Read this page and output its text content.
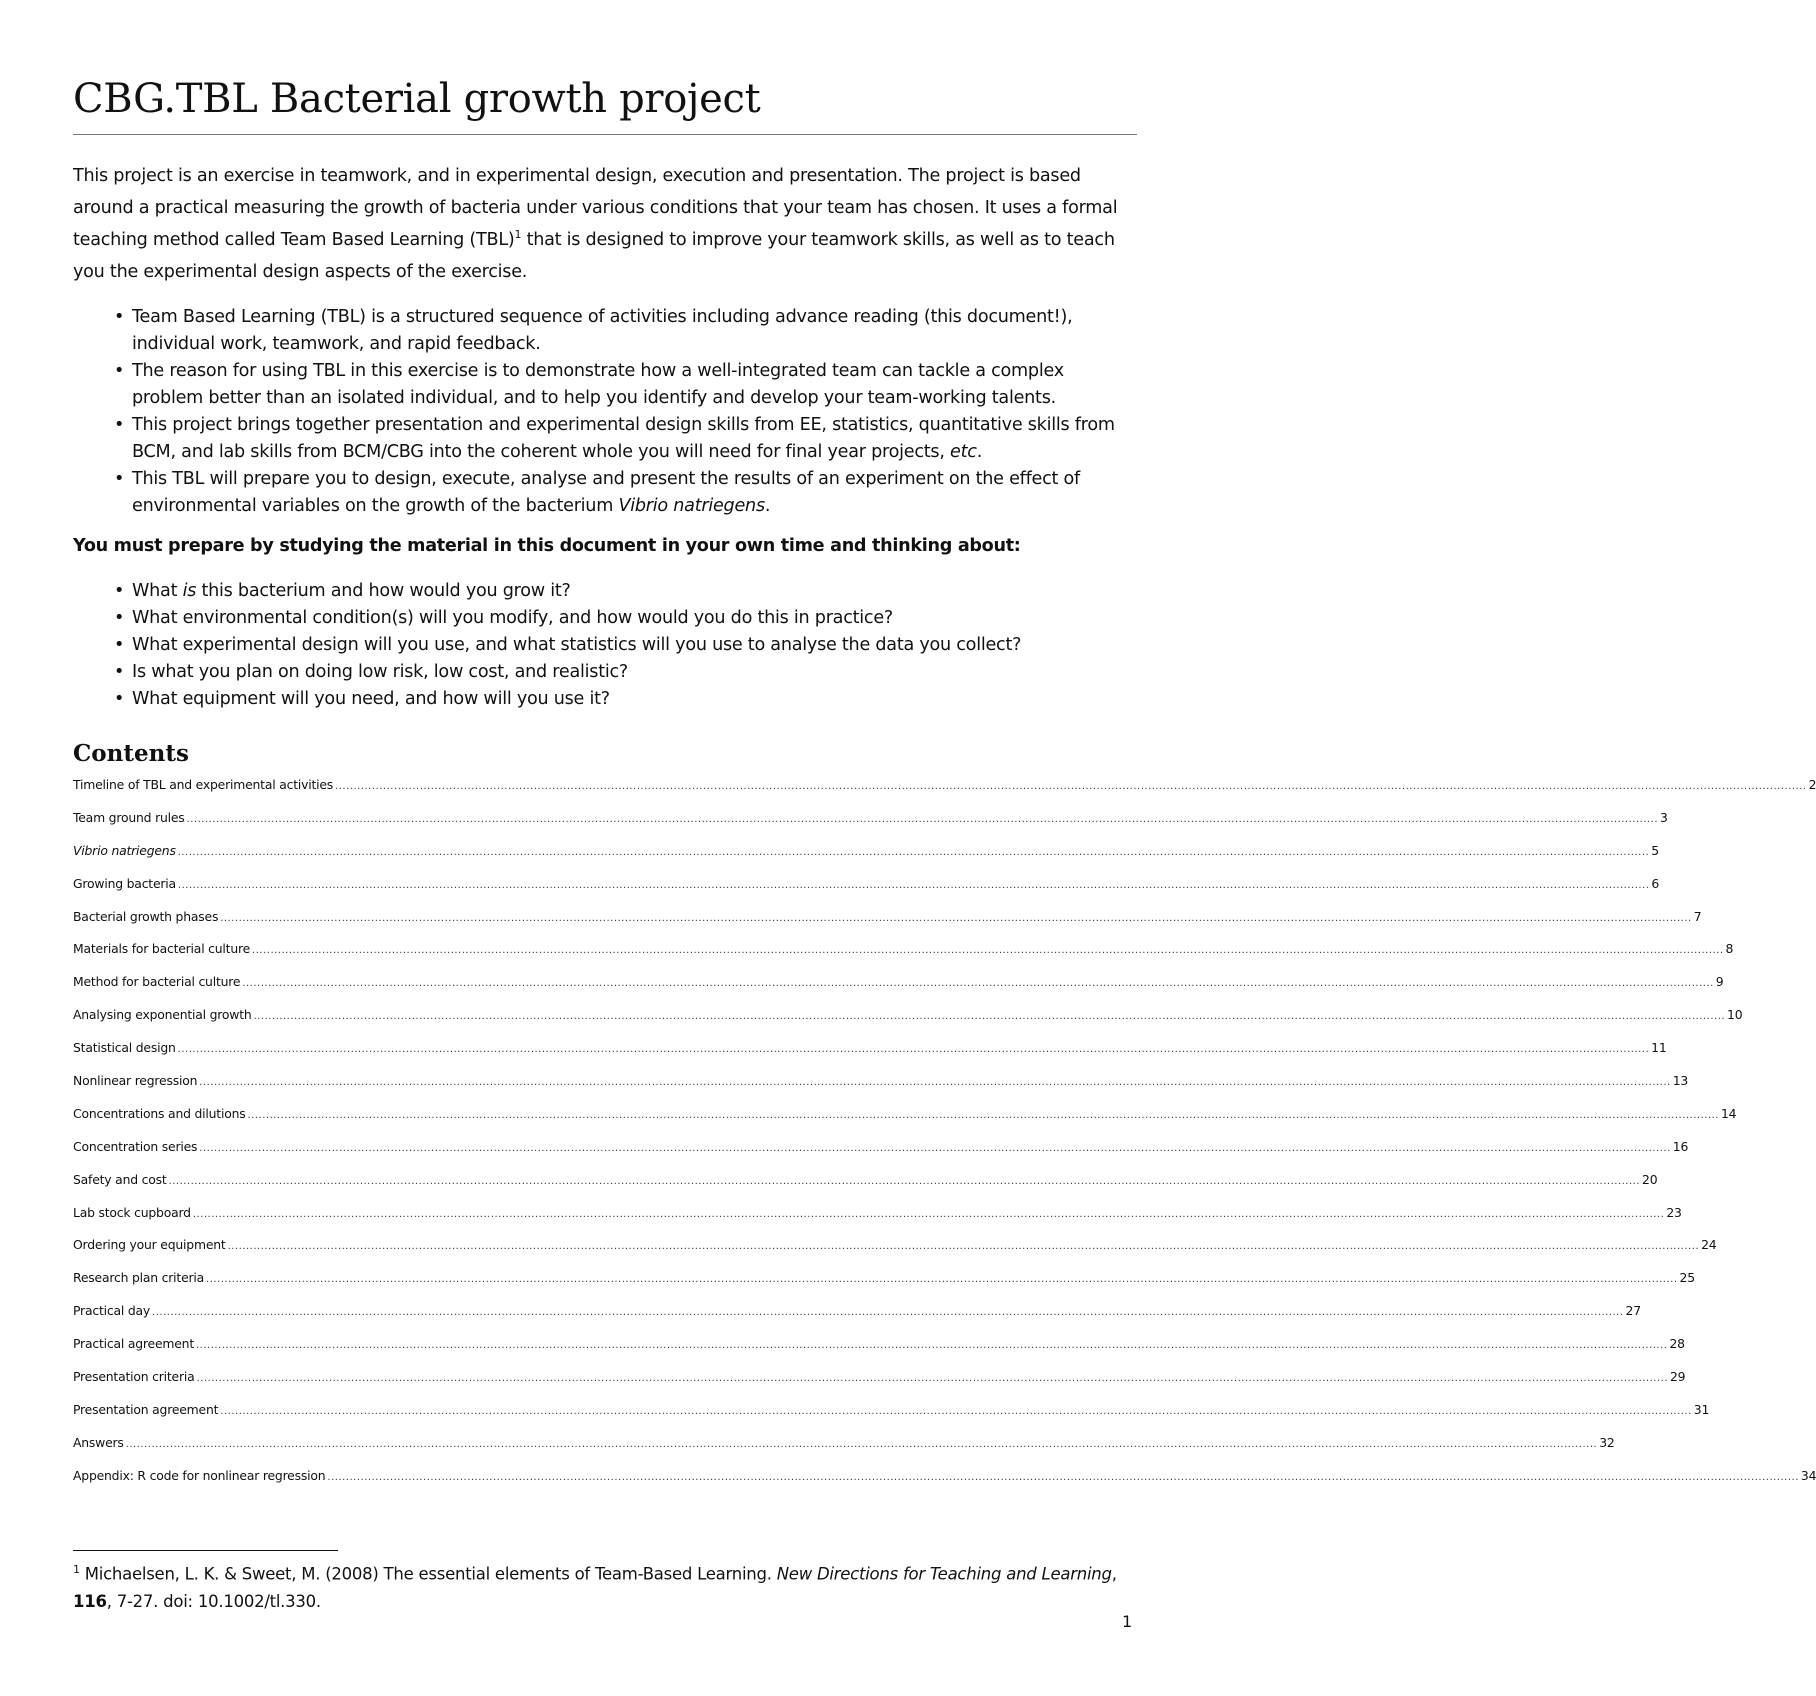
CBG.TBL Bacterial growth project

This project is an exercise in teamwork, and in experimental design, execution and presentation. The project is based around a practical measuring the growth of bacteria under various conditions that your team has chosen. It uses a formal teaching method called Team Based Learning (TBL)$^1$ that is designed to improve your teamwork skills, as well as to teach you the experimental design aspects of the exercise.

• Team Based Learning (TBL) is a structured sequence of activities including advance reading (this document!), individual work, teamwork, and rapid feedback.
• The reason for using TBL in this exercise is to demonstrate how a well-integrated team can tackle a complex problem better than an isolated individual, and to help you identify and develop your team-working talents.
• This project brings together presentation and experimental design skills from EE, statistics, quantitative skills from BCM, and lab skills from BCM/CBG into the coherent whole you will need for final year projects, etc.
• This TBL will prepare you to design, execute, analyse and present the results of an experiment on the effect of environmental variables on the growth of the bacterium Vibrio natriegens.

You must prepare by studying the material in this document in your own time and thinking about:

• What is this bacterium and how would you grow it?
• What environmental condition(s) will you modify, and how would you do this in practice?
• What experimental design will you use, and what statistics will you use to analyse the data you collect?
• Is what you plan on doing low risk, low cost, and realistic?
• What equipment will you need, and how will you use it?
Contents
Timeline of TBL and experimental activities ................................................................................................................................................................................................................................................................................................................................................................................................................ 2
Team ground rules ................................................................................................................................................................................................................................................................................................................................................................................................................ 3
Vibrio natriegens ................................................................................................................................................................................................................................................................................................................................................................................................................ 5
Growing bacteria ................................................................................................................................................................................................................................................................................................................................................................................................................ 6
Bacterial growth phases ................................................................................................................................................................................................................................................................................................................................................................................................................ 7
Materials for bacterial culture ................................................................................................................................................................................................................................................................................................................................................................................................................ 8
Method for bacterial culture ................................................................................................................................................................................................................................................................................................................................................................................................................ 9
Analysing exponential growth ................................................................................................................................................................................................................................................................................................................................................................................................................ 10
Statistical design ................................................................................................................................................................................................................................................................................................................................................................................................................ 11
Nonlinear regression ................................................................................................................................................................................................................................................................................................................................................................................................................ 13
Concentrations and dilutions ................................................................................................................................................................................................................................................................................................................................................................................................................ 14
Concentration series ................................................................................................................................................................................................................................................................................................................................................................................................................ 16
Safety and cost ................................................................................................................................................................................................................................................................................................................................................................................................................ 20
Lab stock cupboard ................................................................................................................................................................................................................................................................................................................................................................................................................ 23
Ordering your equipment ................................................................................................................................................................................................................................................................................................................................................................................................................ 24
Research plan criteria ................................................................................................................................................................................................................................................................................................................................................................................................................ 25
Practical day ................................................................................................................................................................................................................................................................................................................................................................................................................ 27
Practical agreement ................................................................................................................................................................................................................................................................................................................................................................................................................ 28
Presentation criteria ................................................................................................................................................................................................................................................................................................................................................................................................................ 29
Presentation agreement ................................................................................................................................................................................................................................................................................................................................................................................................................ 31
Answers ................................................................................................................................................................................................................................................................................................................................................................................................................ 32
Appendix: R code for nonlinear regression ................................................................................................................................................................................................................................................................................................................................................................................................................ 34

$^1$ Michaelsen, L. K. & Sweet, M. (2008) The essential elements of Team-Based Learning. New Directions for Teaching and Learning, 116, 7-27. doi: 10.1002/tl.330.

1
